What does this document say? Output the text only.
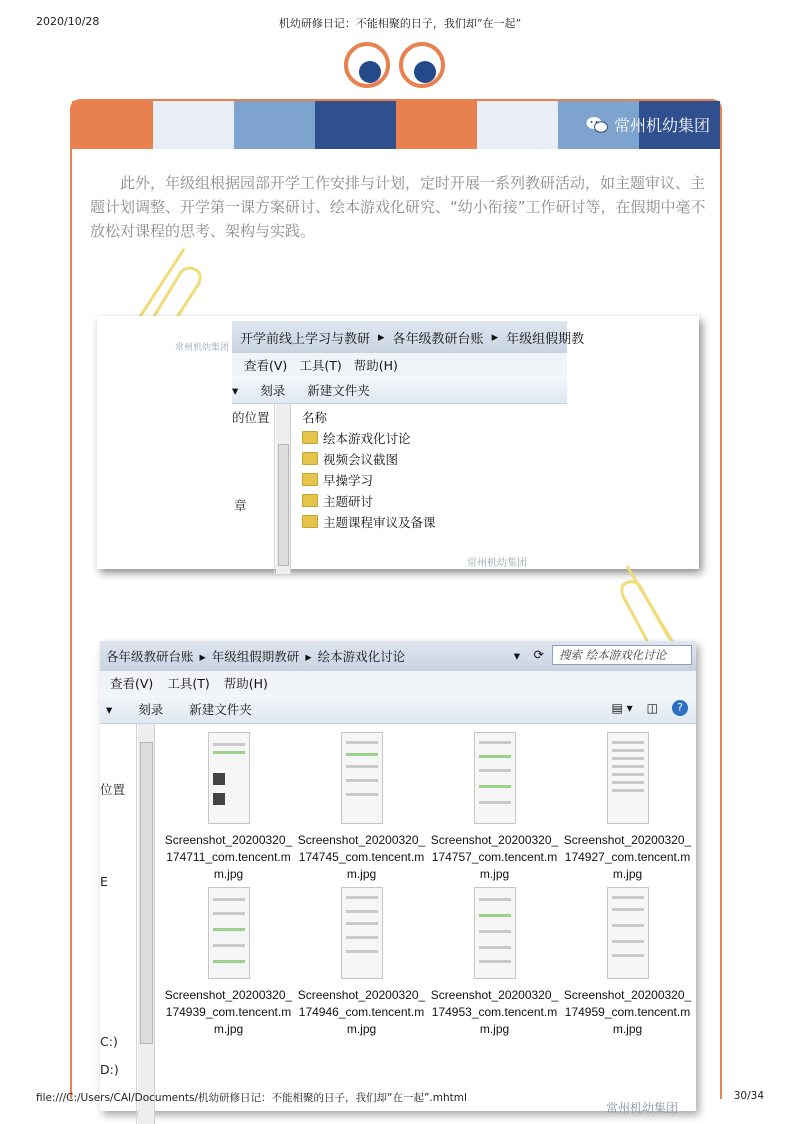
2020/10/28	机幼研修日记：不能相聚的日子，我们却“在一起”
常州机幼集团
此外，年级组根据园部开学工作安排与计划，定时开展一系列教研活动，如主题审议、主题计划调整、开学第一课方案研讨、绘本游戏化研究、“幼小衔接”工作研讨等，在假期中毫不放松对课程的思考、架构与实践。
常州机幼集团
开学前线上学习与教研 ▸ 各年级教研台账 ▸ 年级组假期教
查看(V) 工具(T) 帮助(H)
▾ 刻录 新建文件夹
的位置
章
名称
绘本游戏化讨论
视频会议截图
早操学习
主题研讨
主题课程审议及备课
常州机幼集团
各年级教研台账 ▸ 年级组假期教研 ▸ 绘本游戏化讨论	▾ ⟳	搜索 绘本游戏化讨论
查看(V) 工具(T) 帮助(H)
▾ 刻录 新建文件夹	▤ ▾ ◫	?
位置
E
C:)
D:)
Screenshot_20200320_174711_com.tencent.mm.jpg
Screenshot_20200320_174745_com.tencent.mm.jpg
Screenshot_20200320_174757_com.tencent.mm.jpg
Screenshot_20200320_174927_com.tencent.mm.jpg
Screenshot_20200320_174939_com.tencent.mm.jpg
Screenshot_20200320_174946_com.tencent.mm.jpg
Screenshot_20200320_174953_com.tencent.mm.jpg
Screenshot_20200320_174959_com.tencent.mm.jpg
常州机幼集团
file:///C:/Users/CAI/Documents/机幼研修日记：不能相聚的日子，我们却“在一起”.mhtml	30/34
